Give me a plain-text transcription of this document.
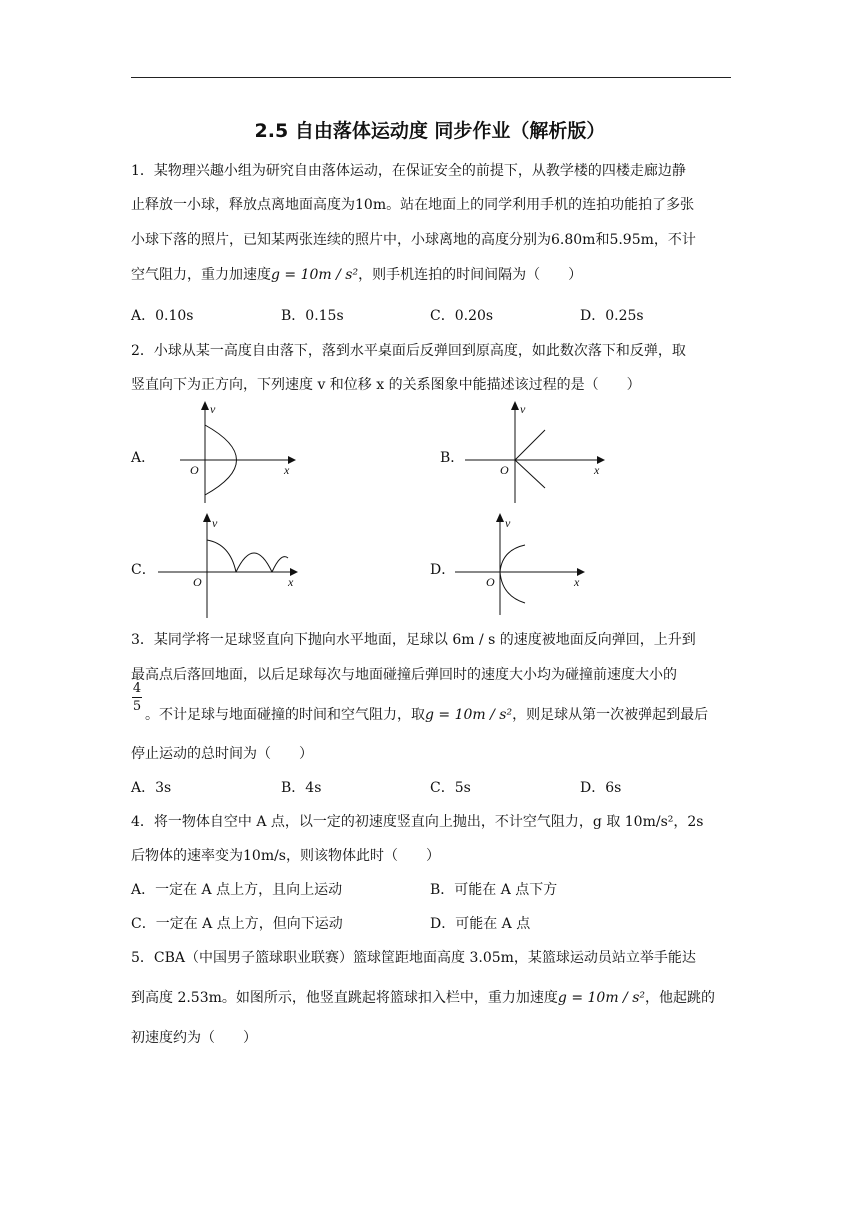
2.5 自由落体运动度 同步作业（解析版）
1．某物理兴趣小组为研究自由落体运动，在保证安全的前提下，从教学楼的四楼走廊边静
止释放一小球，释放点离地面高度为10m。站在地面上的同学利用手机的连拍功能拍了多张
小球下落的照片，已知某两张连续的照片中，小球离地的高度分别为6.80m和5.95m，不计
空气阻力，重力加速度g = 10m / s²，则手机连拍的时间间隔为（　　）
A．0.10s	B．0.15s	C．0.20s	D．0.25s
2．小球从某一高度自由落下，落到水平桌面后反弹回到原高度，如此数次落下和反弹，取
竖直向下为正方向，下列速度 v 和位移 x 的关系图象中能描述该过程的是（　　）
A．
v
x
O
B．
v
x
O
C．
v
x
O
D．
v
x
O
3．某同学将一足球竖直向下抛向水平地面，足球以 6m / s 的速度被地面反向弹回，上升到
最高点后落回地面，以后足球每次与地面碰撞后弹回时的速度大小均为碰撞前速度大小的
4
5
。不计足球与地面碰撞的时间和空气阻力，取g = 10m / s²，则足球从第一次被弹起到最后
停止运动的总时间为（　　）
A．3s	B．4s	C．5s	D．6s
4．将一物体自空中 A 点，以一定的初速度竖直向上抛出，不计空气阻力，g 取 10m/s²，2s
后物体的速率变为10m/s，则该物体此时（　　）
A．一定在 A 点上方，且向上运动	B．可能在 A 点下方
C．一定在 A 点上方，但向下运动	D．可能在 A 点
5．CBA（中国男子篮球职业联赛）篮球筐距地面高度 3.05m，某篮球运动员站立举手能达
到高度 2.53m。如图所示，他竖直跳起将篮球扣入栏中，重力加速度g = 10m / s²，他起跳的
初速度约为（　　）
